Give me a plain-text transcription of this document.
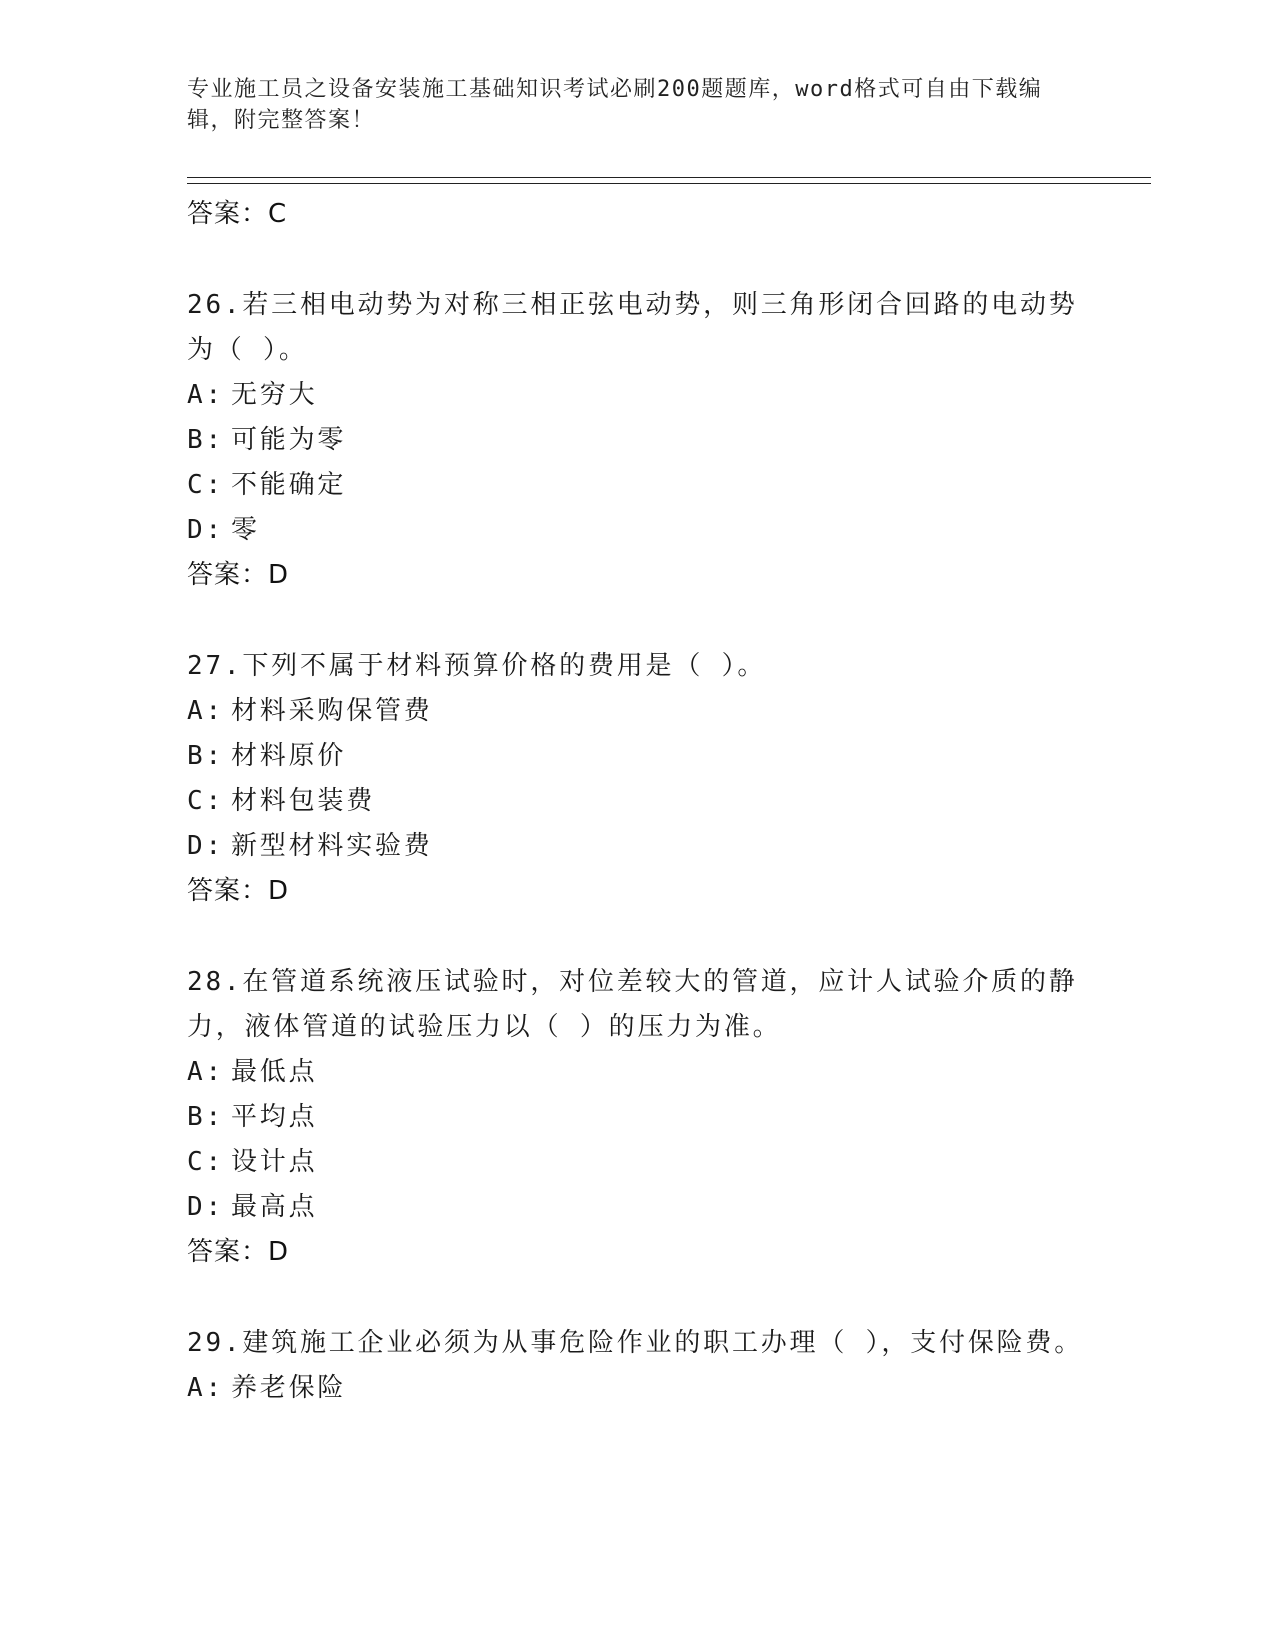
专业施工员之设备安装施工基础知识考试必刷200题题库，word格式可自由下载编辑，附完整答案！

答案：C

26.若三相电动势为对称三相正弦电动势，则三角形闭合回路的电动势为（ ）。

A: 无穷大
B: 可能为零
C: 不能确定
D: 零
答案：D

27.下列不属于材料预算价格的费用是（ ）。

A: 材料采购保管费
B: 材料原价
C: 材料包装费
D: 新型材料实验费
答案：D

28.在管道系统液压试验时，对位差较大的管道，应计人试验介质的静力，液体管道的试验压力以（ ）的压力为准。

A: 最低点
B: 平均点
C: 设计点
D: 最高点
答案：D

29.建筑施工企业必须为从事危险作业的职工办理（ ），支付保险费。

A: 养老保险
